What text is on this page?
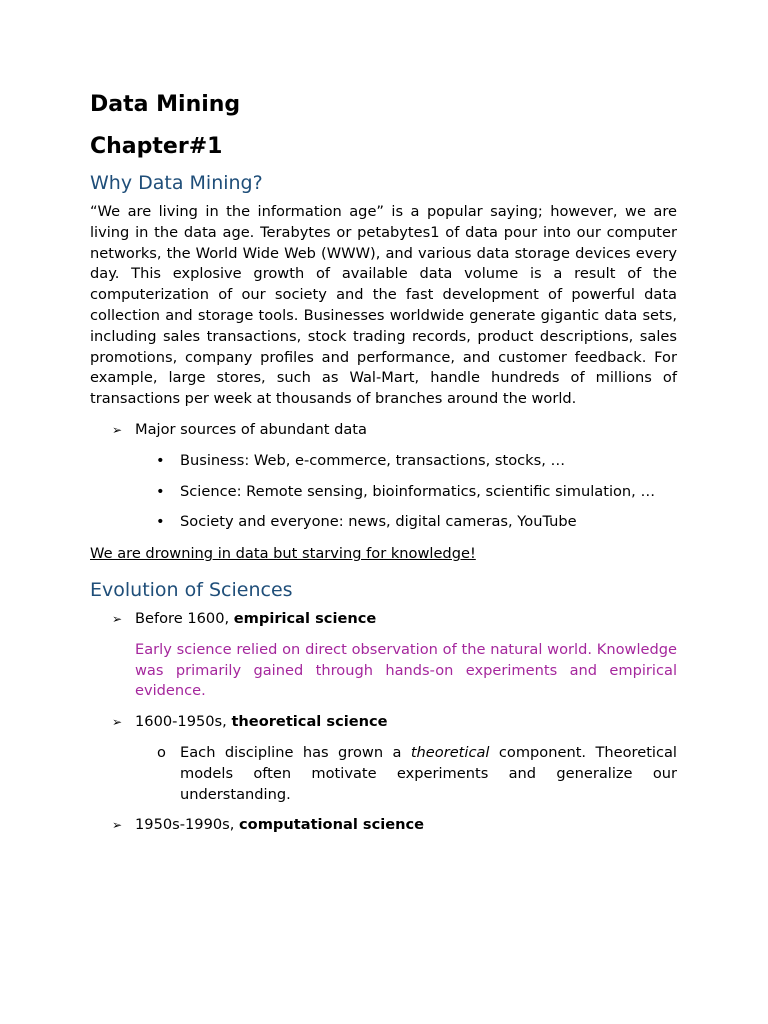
Data Mining
Chapter#1
Why Data Mining?

“We are living in the information age” is a popular saying; however, we are living in the data age. Terabytes or petabytes1 of data pour into our computer networks, the World Wide Web (WWW), and various data storage devices every day. This explosive growth of available data volume is a result of the computerization of our society and the fast development of powerful data collection and storage tools. Businesses worldwide generate gigantic data sets, including sales transactions, stock trading records, product descriptions, sales promotions, company profiles and performance, and customer feedback. For example, large stores, such as Wal-Mart, handle hundreds of millions of transactions per week at thousands of branches around the world.

➢ Major sources of abundant data
• Business: Web, e-commerce, transactions, stocks, …
• Science: Remote sensing, bioinformatics, scientific simulation, …
• Society and everyone: news, digital cameras, YouTube
We are drowning in data but starving for knowledge!
Evolution of Sciences
➢ Before 1600, empirical science
Early science relied on direct observation of the natural world. Knowledge was primarily gained through hands-on experiments and empirical evidence.
➢ 1600-1950s, theoretical science
o Each discipline has grown a theoretical component. Theoretical models often motivate experiments and generalize our understanding.
➢ 1950s-1990s, computational science
